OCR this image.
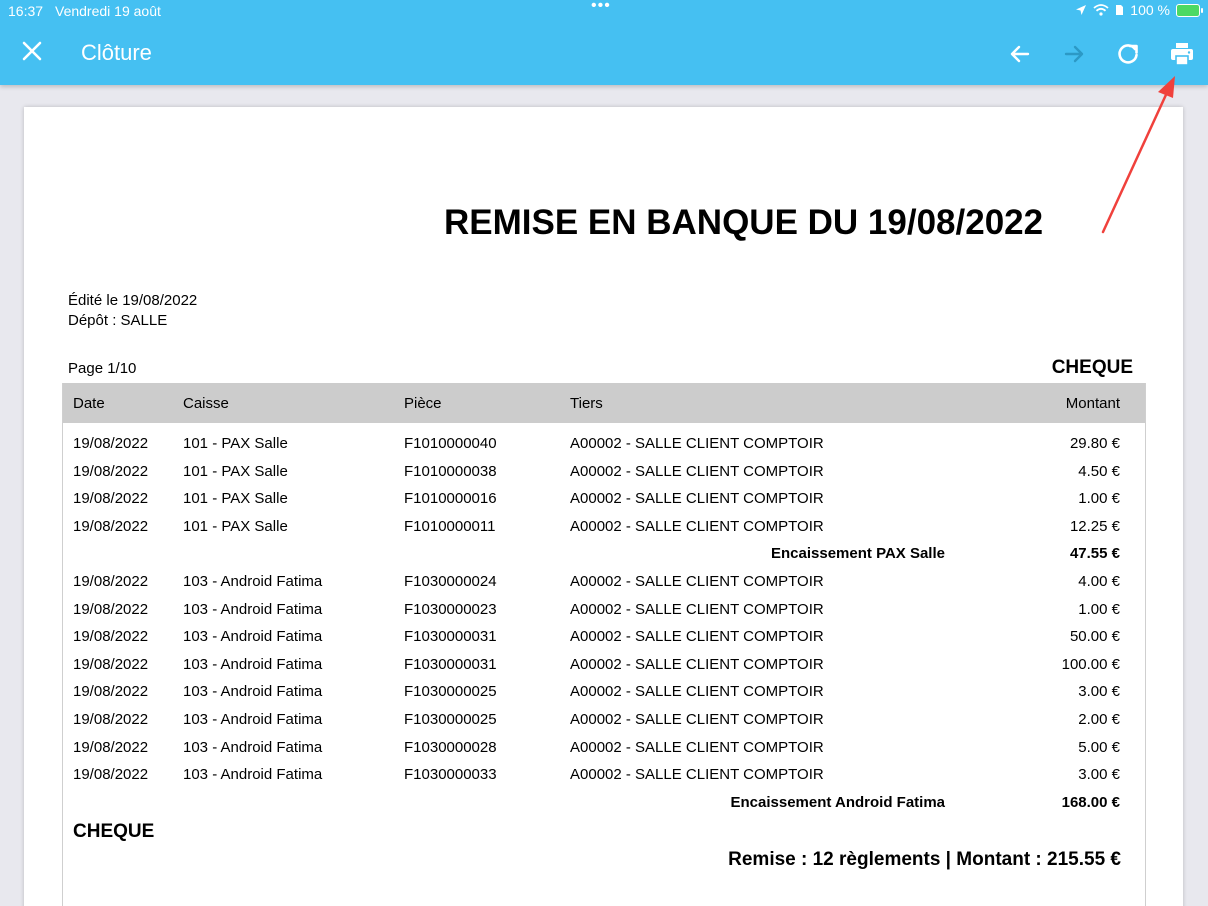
Clôture
16:37 Vendredi 19 août	•••	100 %
REMISE EN BANQUE DU 19/08/2022
Édité le 19/08/2022
Dépôt : SALLE
Page 1/10	CHEQUE
Date	Caisse	Pièce	Tiers	Montant
19/08/2022 101 - PAX Salle	F1010000040	A00002 - SALLE CLIENT COMPTOIR	29.80 €
19/08/2022 101 - PAX Salle	F1010000038	A00002 - SALLE CLIENT COMPTOIR	4.50 €
19/08/2022 101 - PAX Salle	F1010000016	A00002 - SALLE CLIENT COMPTOIR	1.00 €
19/08/2022 101 - PAX Salle	F1010000011	A00002 - SALLE CLIENT COMPTOIR	12.25 €
Encaissement PAX Salle	47.55 €
19/08/2022 103 - Android Fatima	F1030000024	A00002 - SALLE CLIENT COMPTOIR	4.00 €
19/08/2022 103 - Android Fatima	F1030000023	A00002 - SALLE CLIENT COMPTOIR	1.00 €
19/08/2022 103 - Android Fatima	F1030000031	A00002 - SALLE CLIENT COMPTOIR	50.00 €
19/08/2022 103 - Android Fatima	F1030000031	A00002 - SALLE CLIENT COMPTOIR	100.00 €
19/08/2022 103 - Android Fatima	F1030000025	A00002 - SALLE CLIENT COMPTOIR	3.00 €
19/08/2022 103 - Android Fatima	F1030000025	A00002 - SALLE CLIENT COMPTOIR	2.00 €
19/08/2022 103 - Android Fatima	F1030000028	A00002 - SALLE CLIENT COMPTOIR	5.00 €
19/08/2022 103 - Android Fatima	F1030000033	A00002 - SALLE CLIENT COMPTOIR	3.00 €
Encaissement Android Fatima	168.00 €
CHEQUE
Remise : 12 règlements | Montant : 215.55 €
